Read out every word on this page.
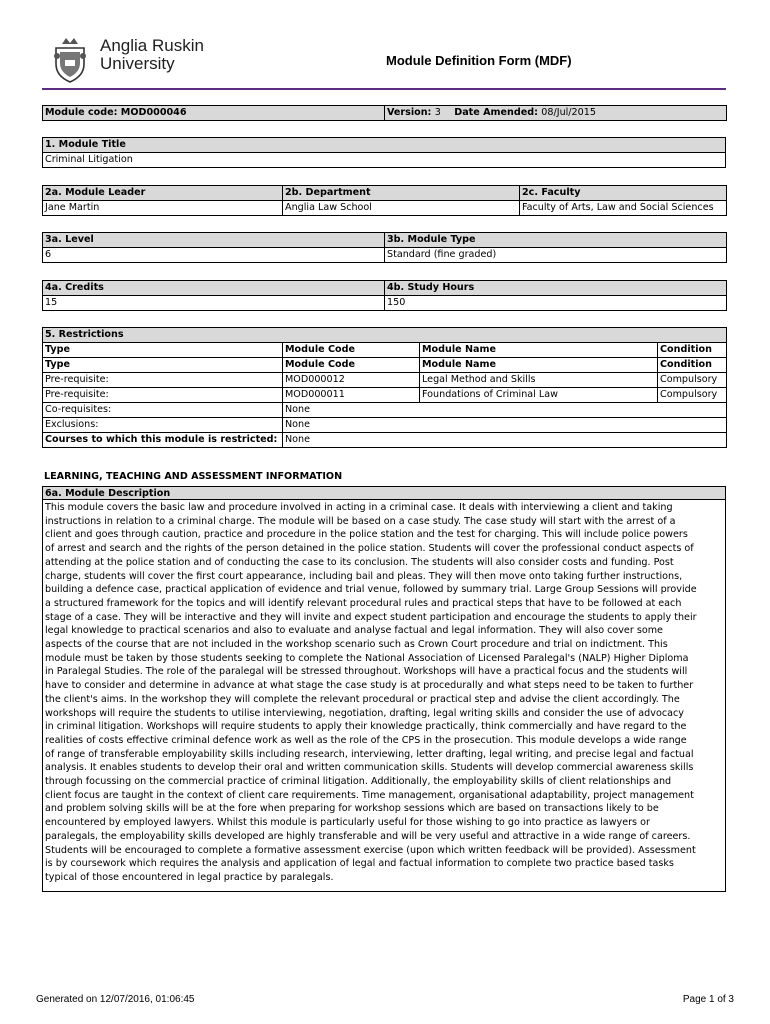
Anglia Ruskin
University	Module Definition Form (MDF)
Module code: MOD000046	Version: 3 Date Amended: 08/Jul/2015
1. Module Title
Criminal Litigation
2a. Module Leader	2b. Department	2c. Faculty
Jane Martin	Anglia Law School	Faculty of Arts, Law and Social Sciences
3a. Level	3b. Module Type
6	Standard (fine graded)
4a. Credits	4b. Study Hours
15	150
5. Restrictions			
Type	Module Code	Module Name	Condition
Type	Module Code	Module Name	Condition
Pre-requisite:	MOD000012	Legal Method and Skills	Compulsory
Pre-requisite:	MOD000011	Foundations of Criminal Law	Compulsory
Co-requisites:	None		
Exclusions:	None		
Courses to which this module is restricted:	None		
LEARNING, TEACHING AND ASSESSMENT INFORMATION
6a. Module Description
This module covers the basic law and procedure involved in acting in a criminal case. It deals with interviewing a client and taking
instructions in relation to a criminal charge. The module will be based on a case study. The case study will start with the arrest of a
client and goes through caution, practice and procedure in the police station and the test for charging. This will include police powers
of arrest and search and the rights of the person detained in the police station. Students will cover the professional conduct aspects of
attending at the police station and of conducting the case to its conclusion. The students will also consider costs and funding. Post
charge, students will cover the first court appearance, including bail and pleas. They will then move onto taking further instructions,
building a defence case, practical application of evidence and trial venue, followed by summary trial. Large Group Sessions will provide
a structured framework for the topics and will identify relevant procedural rules and practical steps that have to be followed at each
stage of a case. They will be interactive and they will invite and expect student participation and encourage the students to apply their
legal knowledge to practical scenarios and also to evaluate and analyse factual and legal information. They will also cover some
aspects of the course that are not included in the workshop scenario such as Crown Court procedure and trial on indictment. This
module must be taken by those students seeking to complete the National Association of Licensed Paralegal's (NALP) Higher Diploma
in Paralegal Studies. The role of the paralegal will be stressed throughout. Workshops will have a practical focus and the students will
have to consider and determine in advance at what stage the case study is at procedurally and what steps need to be taken to further
the client's aims. In the workshop they will complete the relevant procedural or practical step and advise the client accordingly. The
workshops will require the students to utilise interviewing, negotiation, drafting, legal writing skills and consider the use of advocacy
in criminal litigation. Workshops will require students to apply their knowledge practically, think commercially and have regard to the
realities of costs effective criminal defence work as well as the role of the CPS in the prosecution. This module develops a wide range
of range of transferable employability skills including research, interviewing, letter drafting, legal writing, and precise legal and factual
analysis. It enables students to develop their oral and written communication skills. Students will develop commercial awareness skills
through focussing on the commercial practice of criminal litigation. Additionally, the employability skills of client relationships and
client focus are taught in the context of client care requirements. Time management, organisational adaptability, project management
and problem solving skills will be at the fore when preparing for workshop sessions which are based on transactions likely to be
encountered by employed lawyers. Whilst this module is particularly useful for those wishing to go into practice as lawyers or
paralegals, the employability skills developed are highly transferable and will be very useful and attractive in a wide range of careers.
Students will be encouraged to complete a formative assessment exercise (upon which written feedback will be provided). Assessment
is by coursework which requires the analysis and application of legal and factual information to complete two practice based tasks
typical of those encountered in legal practice by paralegals.
Generated on 12/07/2016, 01:06:45	Page 1 of 3
